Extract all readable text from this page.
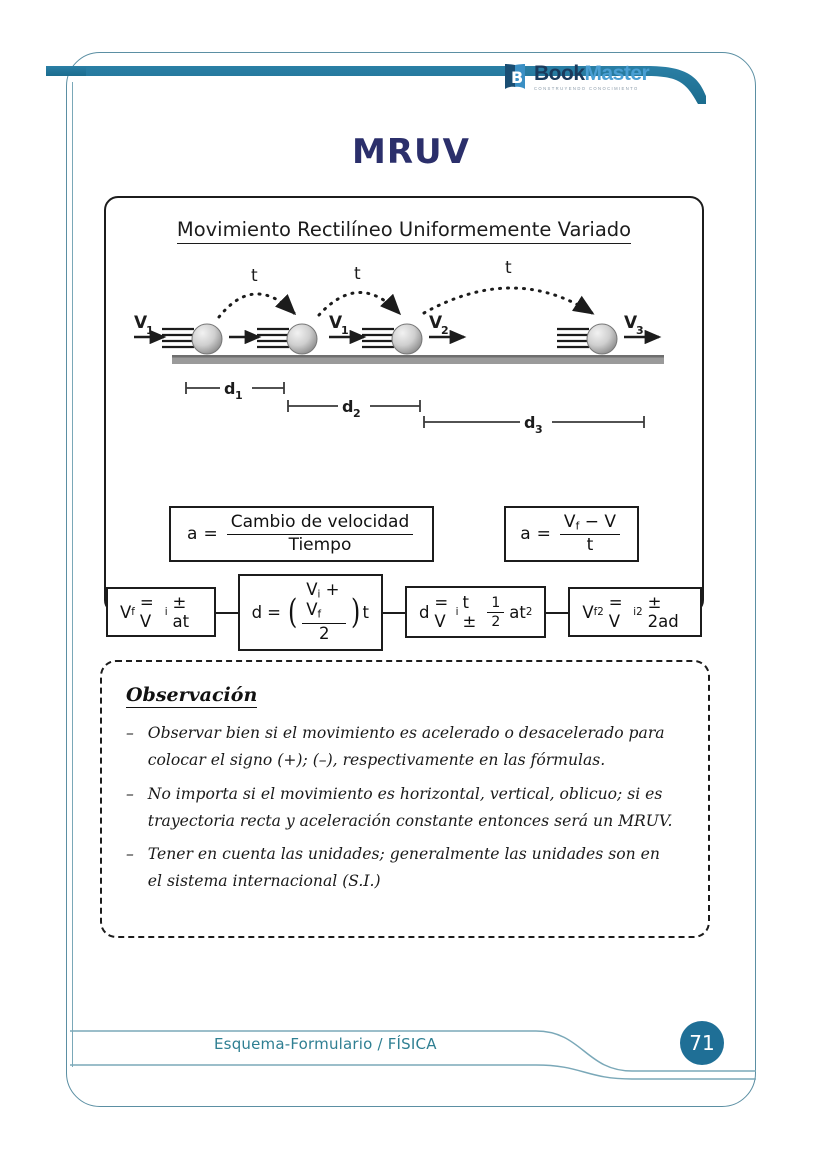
B BookMaster
CONSTRUYENDO CONOCIMIENTO
MRUV
Movimiento Rectilíneo Uniformemente Variado
t	t	t
V
1	V
1	V
2	V
3
d 1
d 2	d 3
$a = \frac{\text{Cambio de velocidad}}{\text{Tiempo}}$	$a = \frac{V_f - V}{t}$
V f = V	i ± at	d = ( $\frac{V_i + V_f}{2}$ ) t	d = V i $t \pm \frac{1}{2}$ at 2	V f 2 = V	i 2 ± 2ad
Observación
– Observar bien si el movimiento es acelerado o desacelerado para colocar el signo (+); (–), respectivamente en las fórmulas.
– No importa si el movimiento es horizontal, vertical, oblicuo; si es trayectoria recta y aceleración constante entonces será un MRUV.
– Tener en cuenta las unidades; generalmente las unidades son en el sistema internacional (S.I.)
Esquema-Formulario / FÍSICA	71
